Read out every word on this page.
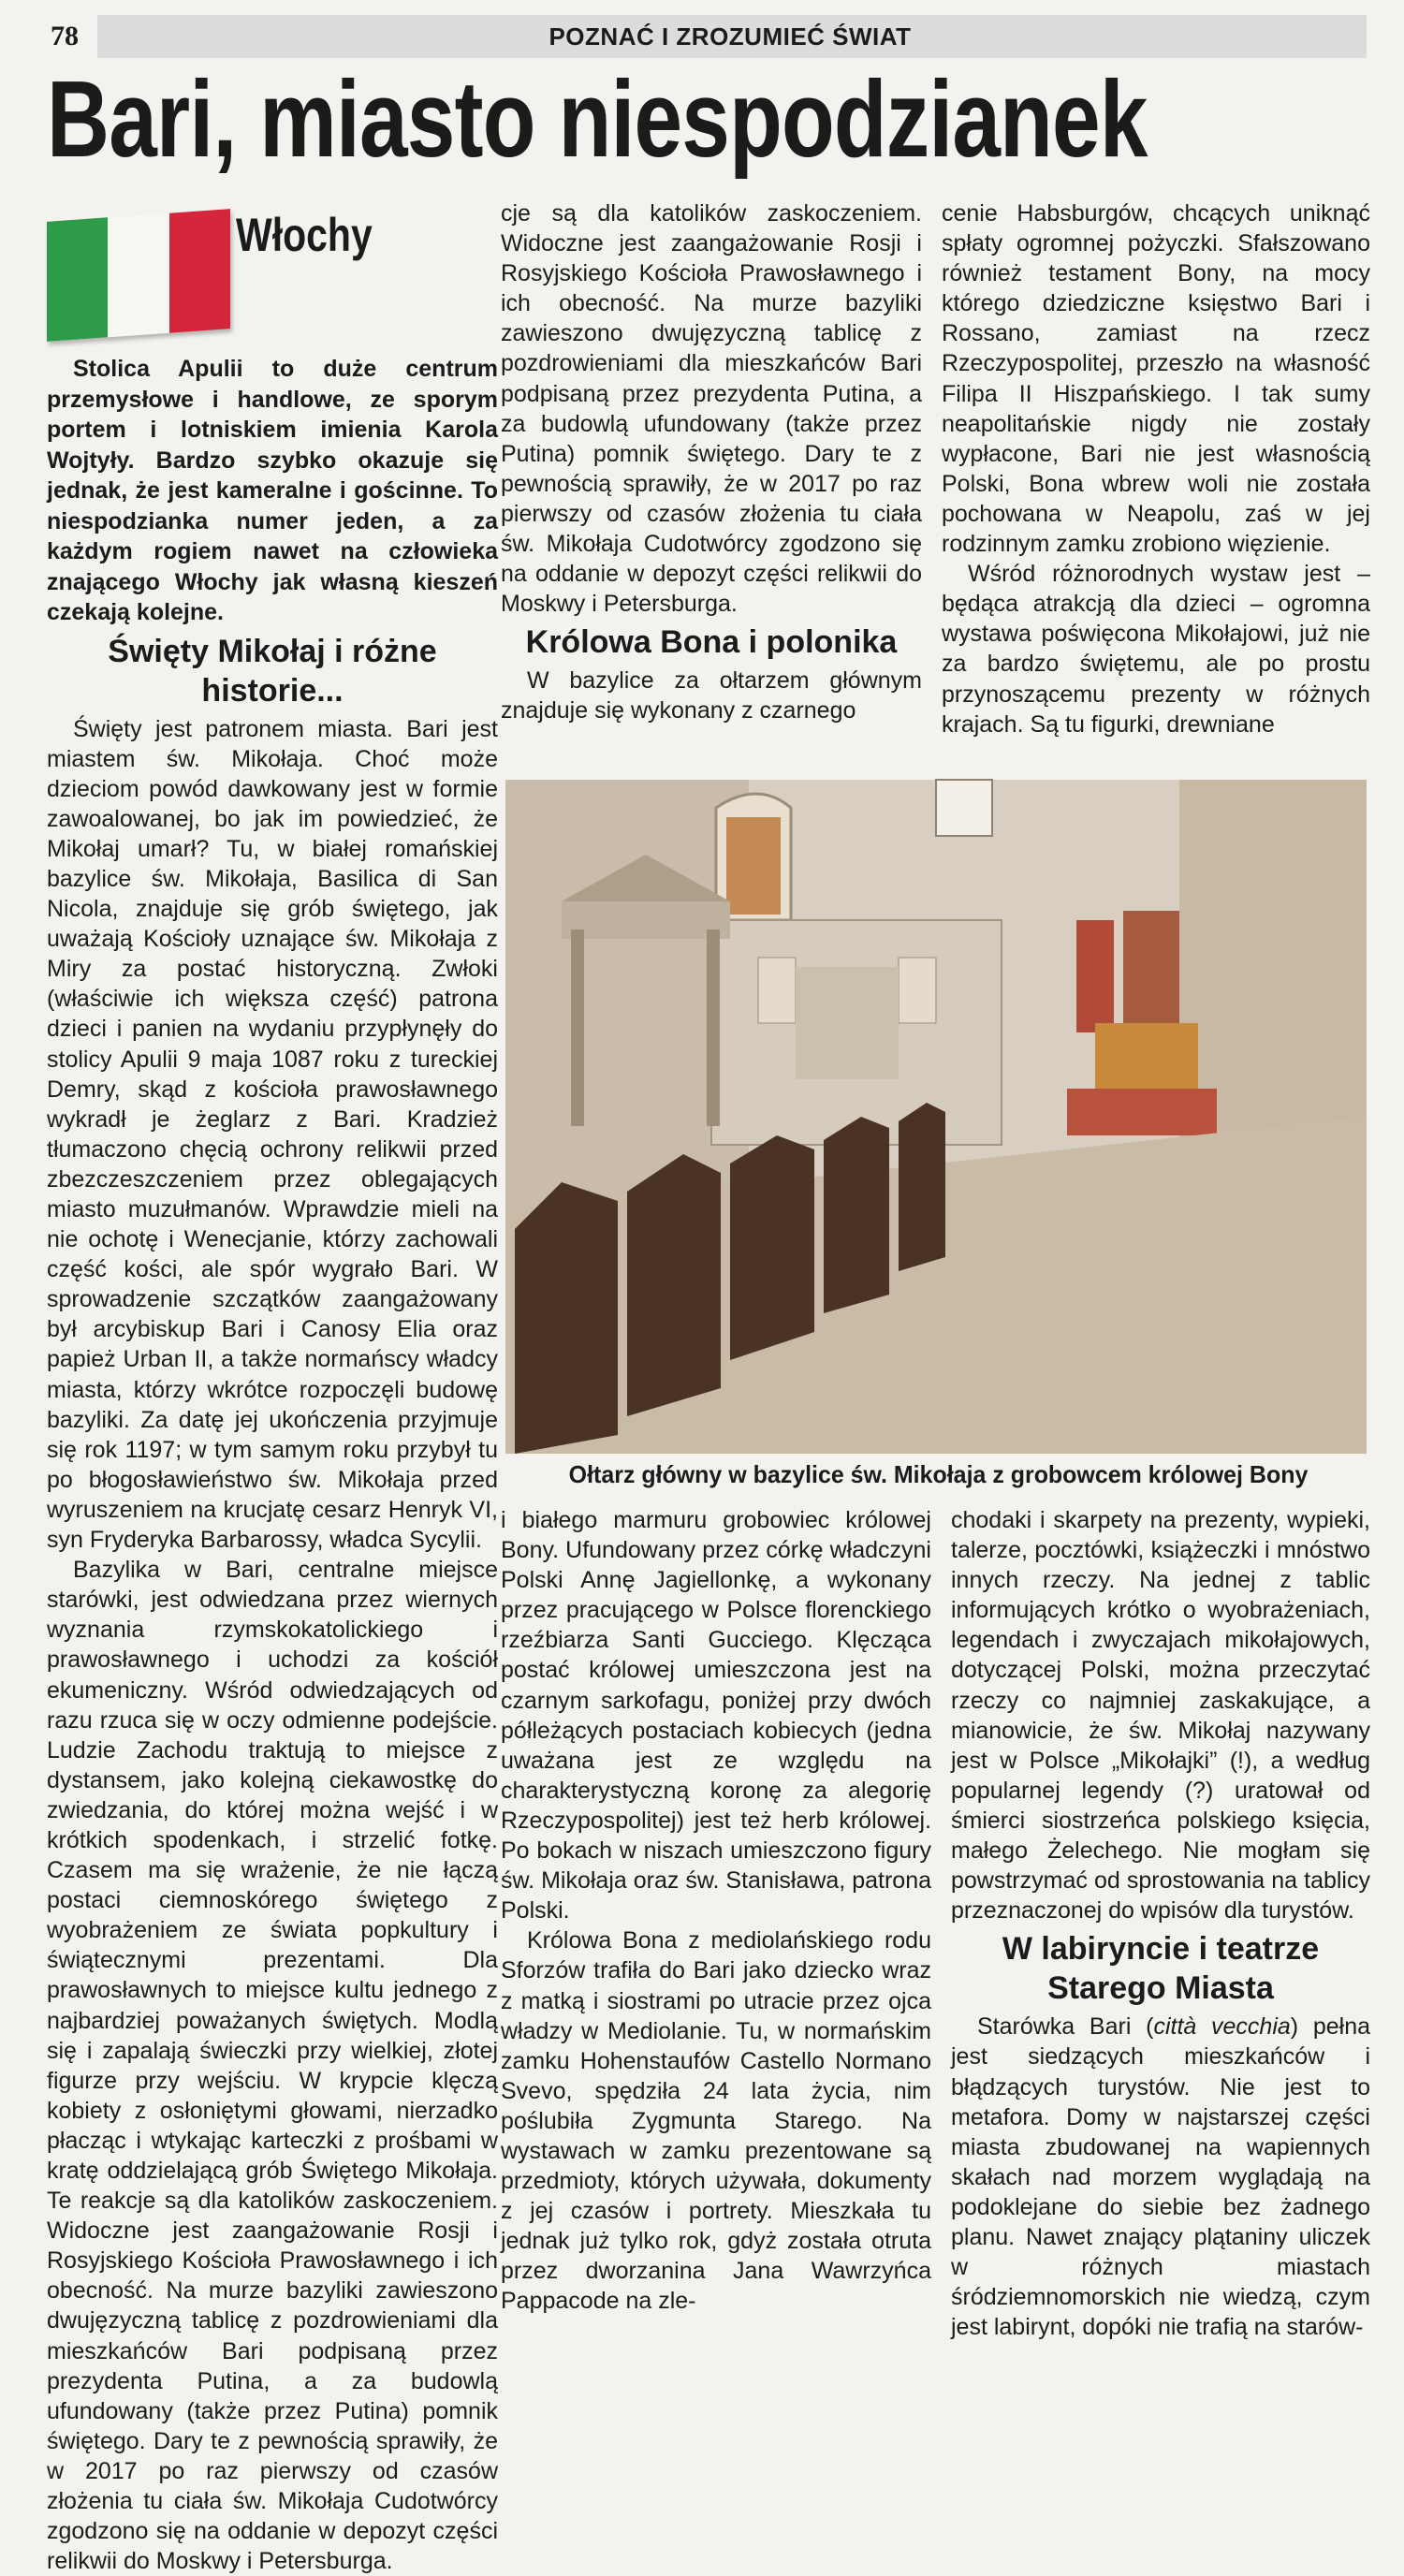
78	POZNAĆ I ZROZUMIEĆ ŚWIAT
Bari, miasto niespodzianek
Włochy

Stolica Apulii to duże centrum przemysłowe i handlowe, ze sporym portem i lotniskiem imienia Karola Wojtyły. Bardzo szybko okazuje się jednak, że jest kameralne i gościnne. To niespodzianka numer jeden, a za każdym rogiem nawet na człowieka znającego Włochy jak własną kieszeń czekają kolejne.

Święty Mikołaj i różne historie...

Święty jest patronem miasta. Bari jest miastem św. Mikołaja. Choć może dzieciom powód dawkowany jest w formie zawoalowanej, bo jak im powiedzieć, że Mikołaj umarł? Tu, w białej romańskiej bazylice św. Mikołaja, Basilica di San Nicola, znajduje się grób świętego, jak uważają Kościoły uznające św. Mikołaja z Miry za postać historyczną. Zwłoki (właściwie ich większa część) patrona dzieci i panien na wydaniu przypłynęły do stolicy Apulii 9 maja 1087 roku z tureckiej Demry, skąd z kościoła prawosławnego wykradł je żeglarz z Bari. Kradzież tłumaczono chęcią ochrony relikwii przed zbezczeszczeniem przez oblegających miasto muzułmanów. Wprawdzie mieli na nie ochotę i Wenecjanie, którzy zachowali część kości, ale spór wygrało Bari. W sprowadzenie szczątków zaangażowany był arcybiskup Bari i Canosy Elia oraz papież Urban II, a także normańscy władcy miasta, którzy wkrótce rozpoczęli budowę bazyliki. Za datę jej ukończenia przyjmuje się rok 1197; w tym samym roku przybył tu po błogosławieństwo św. Mikołaja przed wyruszeniem na krucjatę cesarz Henryk VI, syn Fryderyka Barbarossy, władca Sycylii.

Bazylika w Bari, centralne miejsce starówki, jest odwiedzana przez wiernych wyznania rzymskokatolickiego i prawosławnego i uchodzi za kościół ekumeniczny. Wśród odwiedzających od razu rzuca się w oczy odmienne podejście. Ludzie Zachodu traktują to miejsce z dystansem, jako kolejną ciekawostkę do zwiedzania, do której można wejść i w krótkich spodenkach, i strzelić fotkę. Czasem ma się wrażenie, że nie łączą postaci ciemnoskórego świętego z wyobrażeniem ze świata popkultury i świątecznymi prezentami. Dla prawosławnych to miejsce kultu jednego z najbardziej poważanych świętych. Modlą się i zapalają świeczki przy wielkiej, złotej figurze przy wejściu. W krypcie klęczą kobiety z osłoniętymi głowami, nierzadko płacząc i wtykając karteczki z prośbami w kratę oddzielającą grób Świętego Mikołaja. Te reakcje są dla katolików zaskoczeniem. Widoczne jest zaangażowanie Rosji i Rosyjskiego Kościoła Prawosławnego i ich obecność. Na murze bazyliki zawieszono dwujęzyczną tablicę z pozdrowieniami dla mieszkańców Bari podpisaną przez prezydenta Putina, a za budowlą ufundowany (także przez Putina) pomnik świętego. Dary te z pewnością sprawiły, że w 2017 po raz pierwszy od czasów złożenia tu ciała św. Mikołaja Cudotwórcy zgodzono się na oddanie w depozyt części relikwii do Moskwy i Petersburga.

Ołtarz główny w bazylice św. Mikołaja z grobowcem królowej Bony

cje są dla katolików zaskoczeniem. Widoczne jest zaangażowanie Rosji i Rosyjskiego Kościoła Prawosławnego i ich obecność. Na murze bazyliki zawieszono dwujęzyczną tablicę z pozdrowieniami dla mieszkańców Bari podpisaną przez prezydenta Putina, a za budowlą ufundowany (także przez Putina) pomnik świętego. Dary te z pewnością sprawiły, że w 2017 po raz pierwszy od czasów złożenia tu ciała św. Mikołaja Cudotwórcy zgodzono się na oddanie w depozyt części relikwii do Moskwy i Petersburga.

Królowa Bona i polonika

W bazylice za ołtarzem głównym znajduje się wykonany z czarnego

cenie Habsburgów, chcących uniknąć spłaty ogromnej pożyczki. Sfałszowano również testament Bony, na mocy którego dziedziczne księstwo Bari i Rossano, zamiast na rzecz Rzeczypospolitej, przeszło na własność Filipa II Hiszpańskiego. I tak sumy neapolitańskie nigdy nie zostały wypłacone, Bari nie jest własnością Polski, Bona wbrew woli nie została pochowana w Neapolu, zaś w jej rodzinnym zamku zrobiono więzienie.

Wśród różnorodnych wystaw jest – będąca atrakcją dla dzieci – ogromna wystawa poświęcona Mikołajowi, już nie za bardzo świętemu, ale po prostu przynoszącemu prezenty w różnych krajach. Są tu figurki, drewniane

i białego marmuru grobowiec królowej Bony. Ufundowany przez córkę władczyni Polski Annę Jagiellonkę, a wykonany przez pracującego w Polsce florenckiego rzeźbiarza Santi Gucciego. Klęcząca postać królowej umieszczona jest na czarnym sarkofagu, poniżej przy dwóch półleżących postaciach kobiecych (jedna uważana jest ze względu na charakterystyczną koronę za alegorię Rzeczypospolitej) jest też herb królowej. Po bokach w niszach umieszczono figury św. Mikołaja oraz św. Stanisława, patrona Polski.

Królowa Bona z mediolańskiego rodu Sforzów trafiła do Bari jako dziecko wraz z matką i siostrami po utracie przez ojca władzy w Mediolanie. Tu, w normańskim zamku Hohenstaufów Castello Normano Svevo, spędziła 24 lata życia, nim poślubiła Zygmunta Starego. Na wystawach w zamku prezentowane są przedmioty, których używała, dokumenty z jej czasów i portrety. Mieszkała tu jednak już tylko rok, gdyż została otruta przez dworzanina Jana Wawrzyńca Pappacode na zle-

chodaki i skarpety na prezenty, wypieki, talerze, pocztówki, książeczki i mnóstwo innych rzeczy. Na jednej z tablic informujących krótko o wyobrażeniach, legendach i zwyczajach mikołajowych, dotyczącej Polski, można przeczytać rzeczy co najmniej zaskakujące, a mianowicie, że św. Mikołaj nazywany jest w Polsce „Mikołajki” (!), a według popularnej legendy (?) uratował od śmierci siostrzeńca polskiego księcia, małego Żelechego. Nie mogłam się powstrzymać od sprostowania na tablicy przeznaczonej do wpisów dla turystów.

W labiryncie i teatrze Starego Miasta

Starówka Bari (città vecchia) pełna jest siedzących mieszkańców i błądzących turystów. Nie jest to metafora. Domy w najstarszej części miasta zbudowanej na wapiennych skałach nad morzem wyglądają na podoklejane do siebie bez żadnego planu. Nawet znający plątaniny uliczek w różnych miastach śródziemnomorskich nie wiedzą, czym jest labirynt, dopóki nie trafią na starów-
